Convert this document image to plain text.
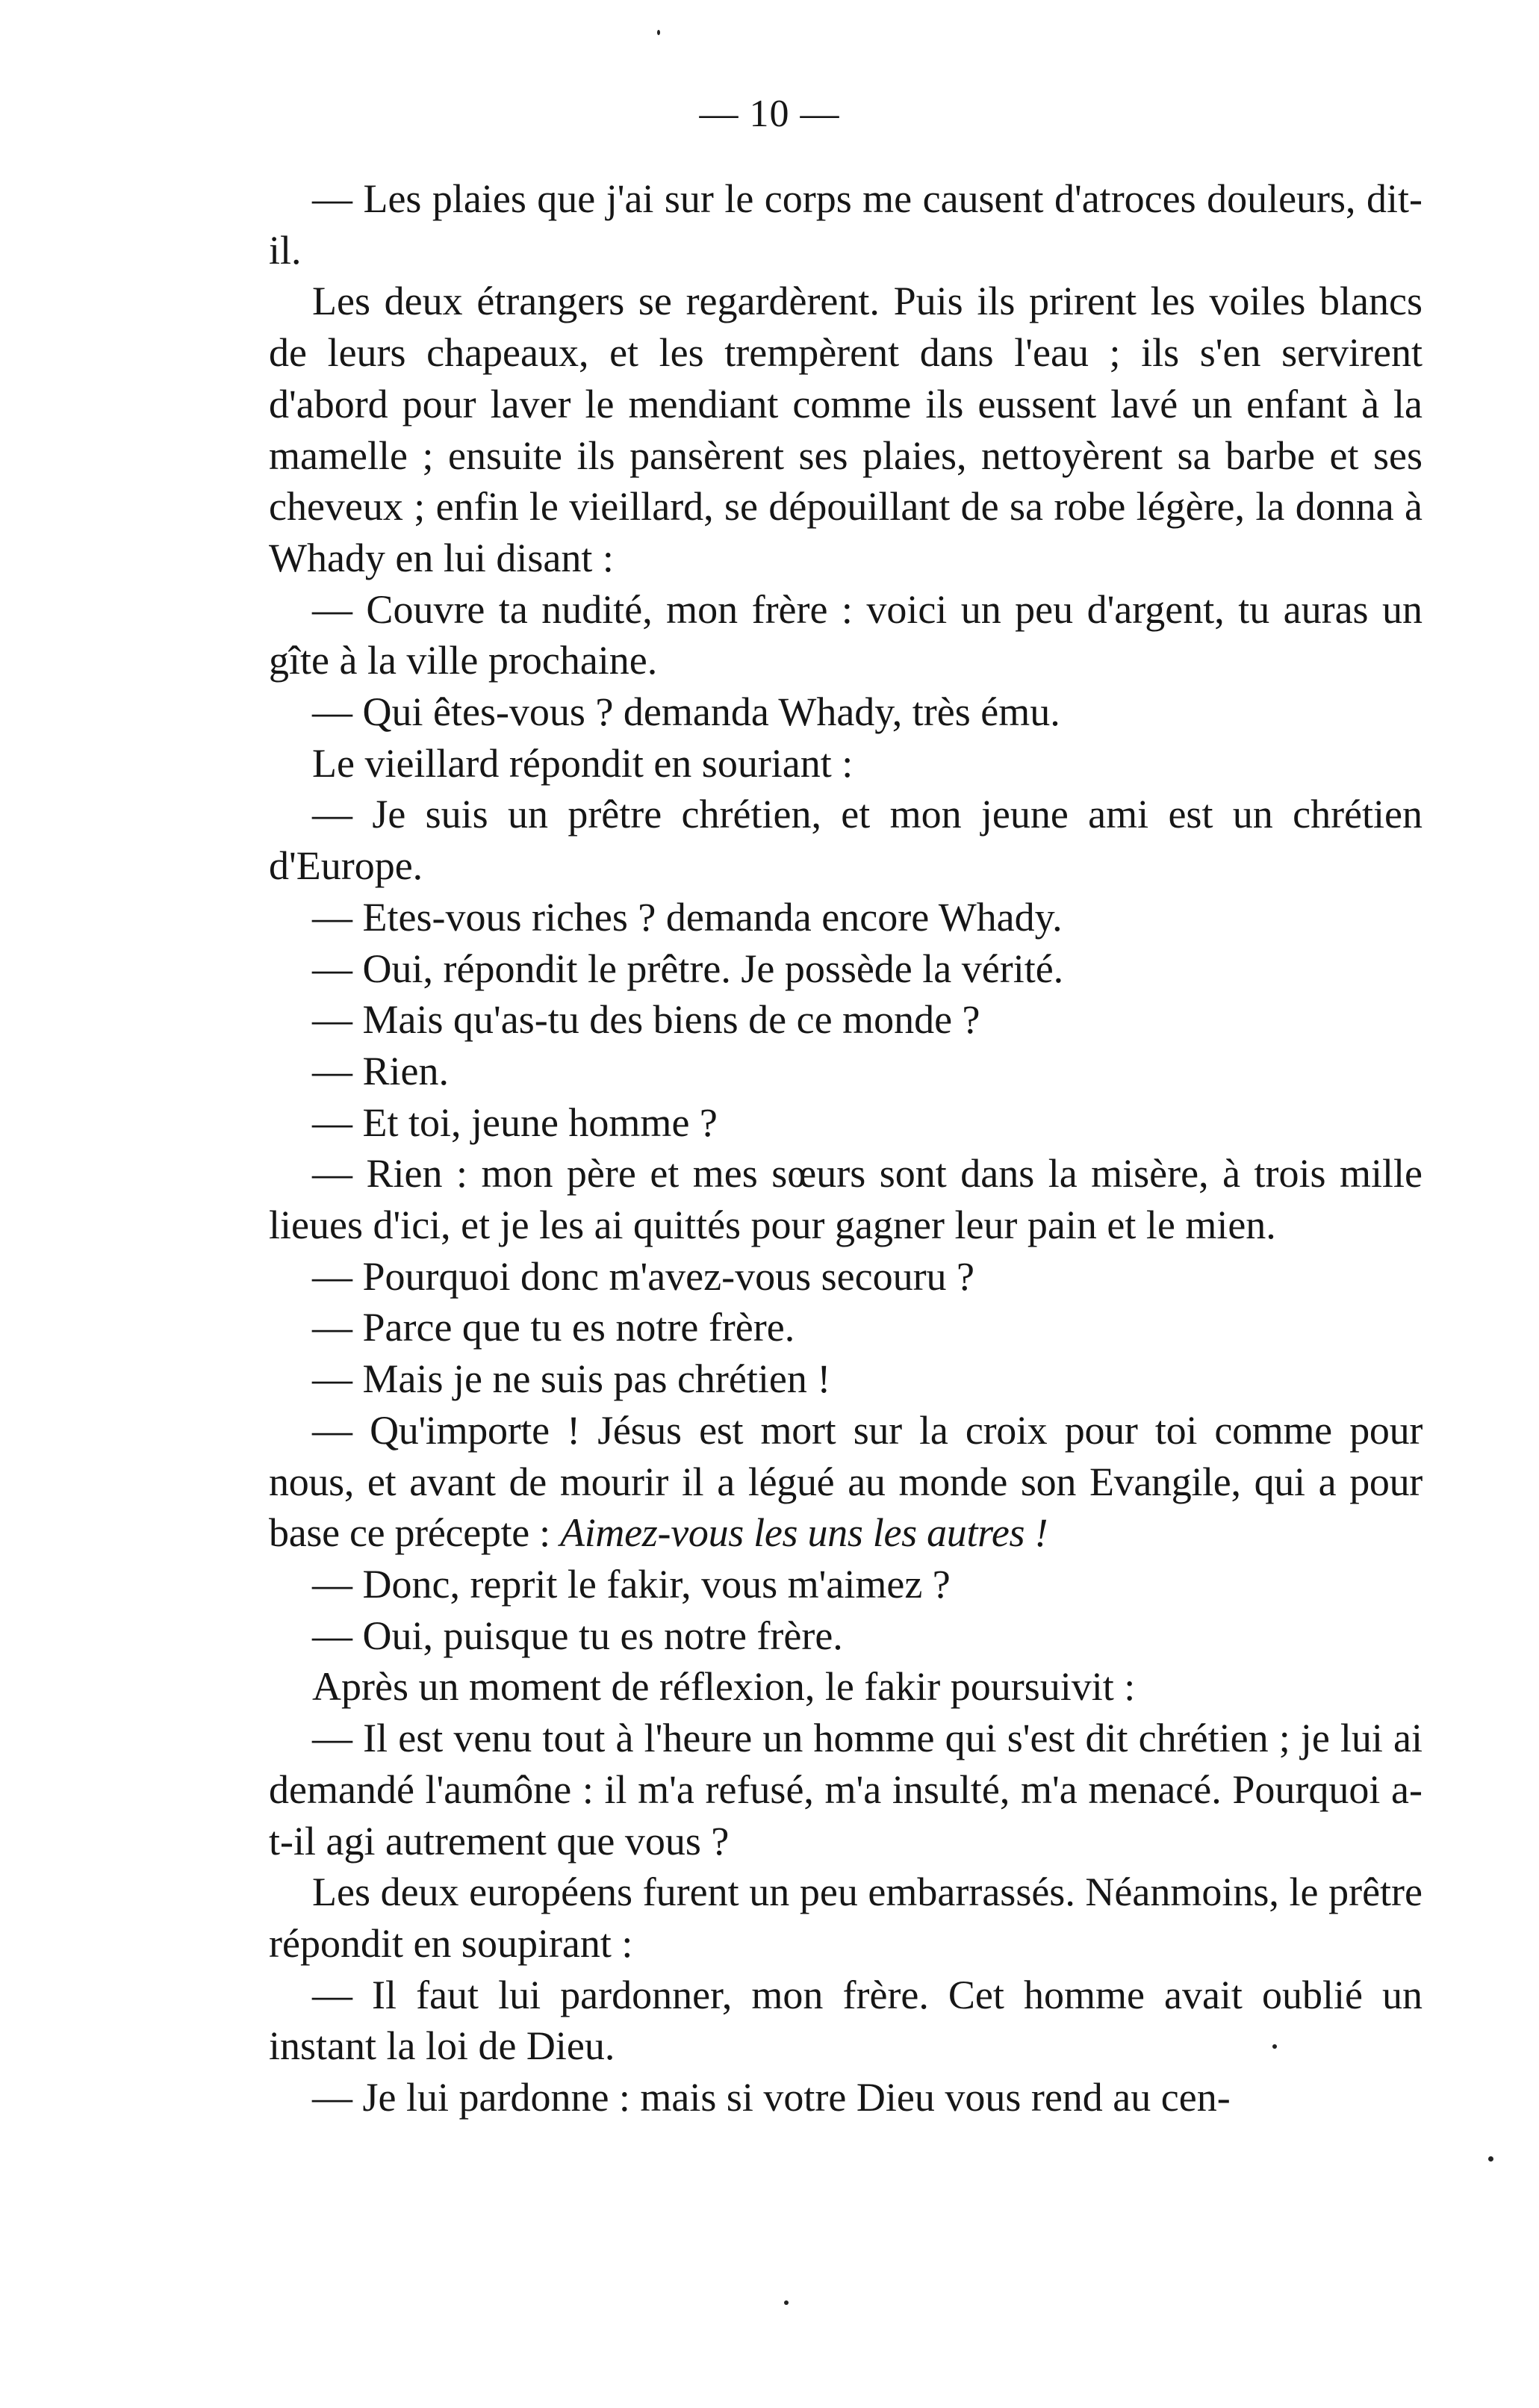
— 10 —

— Les plaies que j'ai sur le corps me causent d'atroces douleurs, dit-il.

Les deux étrangers se regardèrent. Puis ils prirent les voiles blancs de leurs chapeaux, et les trempèrent dans l'eau ; ils s'en servirent d'abord pour laver le mendiant comme ils eussent lavé un enfant à la mamelle ; ensuite ils pansèrent ses plaies, nettoyèrent sa barbe et ses cheveux ; enfin le vieillard, se dépouillant de sa robe légère, la donna à Whady en lui disant :

— Couvre ta nudité, mon frère : voici un peu d'argent, tu auras un gîte à la ville prochaine.

— Qui êtes-vous ? demanda Whady, très ému.

Le vieillard répondit en souriant :

— Je suis un prêtre chrétien, et mon jeune ami est un chrétien d'Europe.

— Etes-vous riches ? demanda encore Whady.

— Oui, répondit le prêtre. Je possède la vérité.

— Mais qu'as-tu des biens de ce monde ?

— Rien.

— Et toi, jeune homme ?

— Rien : mon père et mes sœurs sont dans la misère, à trois mille lieues d'ici, et je les ai quittés pour gagner leur pain et le mien.

— Pourquoi donc m'avez-vous secouru ?

— Parce que tu es notre frère.

— Mais je ne suis pas chrétien !

— Qu'importe ! Jésus est mort sur la croix pour toi comme pour nous, et avant de mourir il a légué au monde son Evangile, qui a pour base ce précepte : Aimez-vous les uns les autres !

— Donc, reprit le fakir, vous m'aimez ?

— Oui, puisque tu es notre frère.

Après un moment de réflexion, le fakir poursuivit :

— Il est venu tout à l'heure un homme qui s'est dit chrétien ; je lui ai demandé l'aumône : il m'a refusé, m'a insulté, m'a menacé. Pourquoi a-t-il agi autrement que vous ?

Les deux européens furent un peu embarrassés. Néanmoins, le prêtre répondit en soupirant :

— Il faut lui pardonner, mon frère. Cet homme avait oublié un instant la loi de Dieu.

— Je lui pardonne : mais si votre Dieu vous rend au cen-
